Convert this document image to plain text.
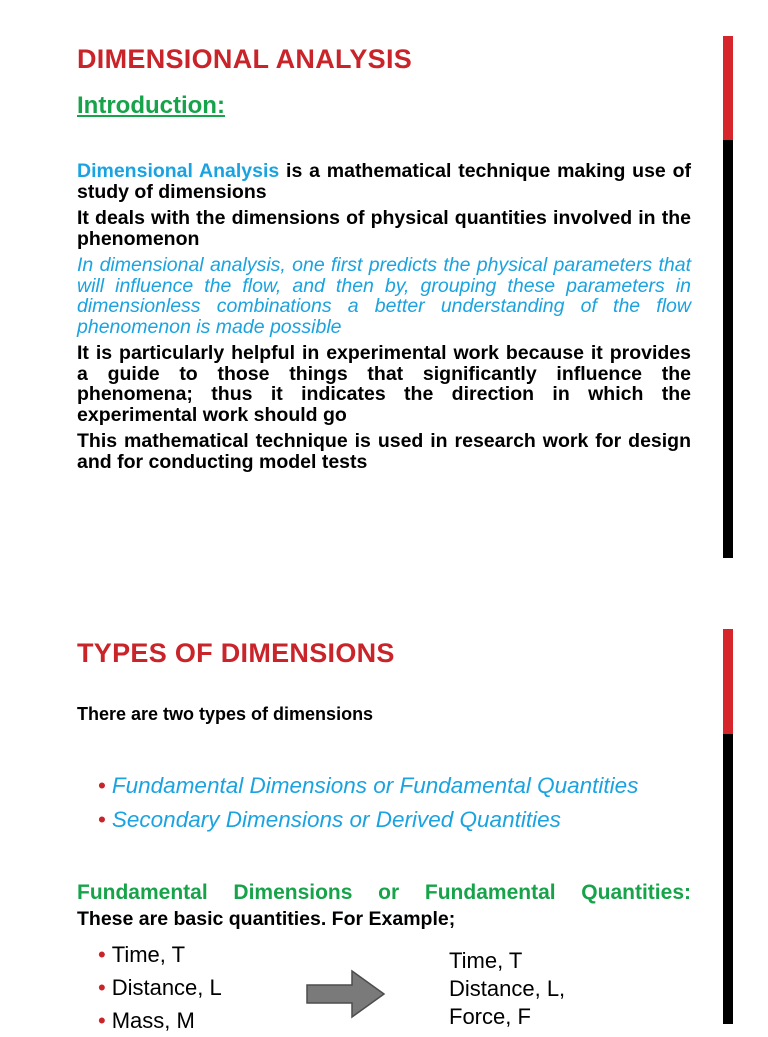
DIMENSIONAL ANALYSIS
Introduction:

Dimensional Analysis is a mathematical technique making use of study of dimensions

It deals with the dimensions of physical quantities involved in the phenomenon

In dimensional analysis, one first predicts the physical parameters that will influence the flow, and then by, grouping these parameters in dimensionless combinations a better understanding of the flow phenomenon is made possible

It is particularly helpful in experimental work because it provides a guide to those things that significantly influence the phenomena; thus it indicates the direction in which the experimental work should go

This mathematical technique is used in research work for design and for conducting model tests

TYPES OF DIMENSIONS

There are two types of dimensions

• Fundamental Dimensions or Fundamental Quantities
• Secondary Dimensions or Derived Quantities

Fundamental Dimensions or Fundamental Quantities:

These are basic quantities. For Example;

• Time, T
• Distance, L
• Mass, M
Time, T
Distance, L,
Force, F
